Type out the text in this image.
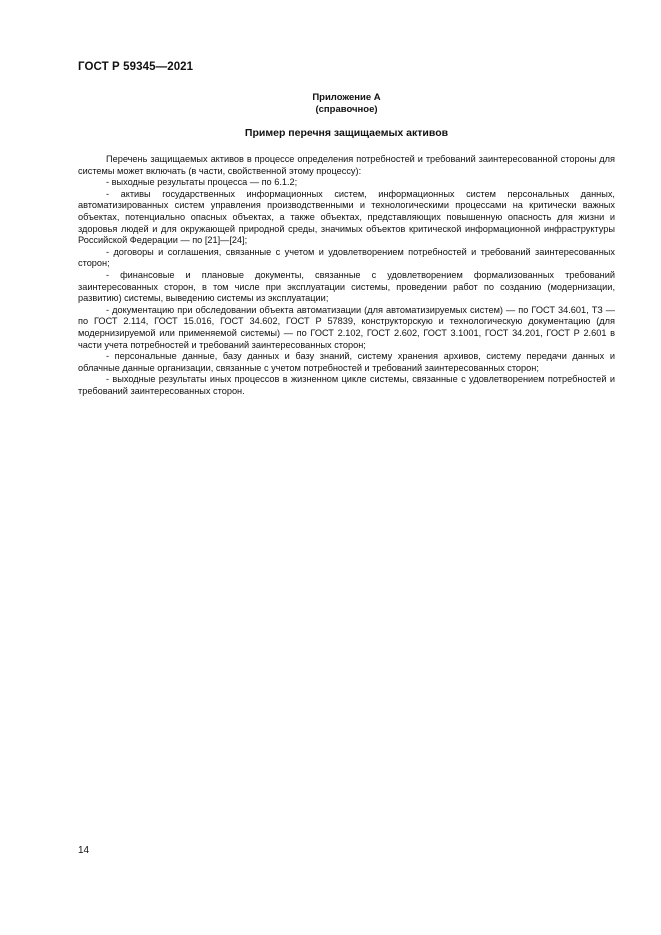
ГОСТ Р 59345—2021
Приложение А
(справочное)
Пример перечня защищаемых активов

Перечень защищаемых активов в процессе определения потребностей и требований заинтересованной стороны для системы может включать (в части, свойственной этому процессу):

- выходные результаты процесса — по 6.1.2;

- активы государственных информационных систем, информационных систем персональных данных, автоматизированных систем управления производственными и технологическими процессами на критически важных объектах, потенциально опасных объектах, а также объектах, представляющих повышенную опасность для жизни и здоровья людей и для окружающей природной среды, значимых объектов критической информационной инфраструктуры Российской Федерации — по [21]—[24];

- договоры и соглашения, связанные с учетом и удовлетворением потребностей и требований заинтересованных сторон;

- финансовые и плановые документы, связанные с удовлетворением формализованных требований заинтересованных сторон, в том числе при эксплуатации системы, проведении работ по созданию (модернизации, развитию) системы, выведению системы из эксплуатации;

- документацию при обследовании объекта автоматизации (для автоматизируемых систем) — по ГОСТ 34.601, ТЗ — по ГОСТ 2.114, ГОСТ 15.016, ГОСТ 34.602, ГОСТ Р 57839, конструкторскую и технологическую документацию (для модернизируемой или применяемой системы) — по ГОСТ 2.102, ГОСТ 2.602, ГОСТ 3.1001, ГОСТ 34.201, ГОСТ Р 2.601 в части учета потребностей и требований заинтересованных сторон;

- персональные данные, базу данных и базу знаний, систему хранения архивов, систему передачи данных и облачные данные организации, связанные с учетом потребностей и требований заинтересованных сторон;

- выходные результаты иных процессов в жизненном цикле системы, связанные с удовлетворением потребностей и требований заинтересованных сторон.

14
